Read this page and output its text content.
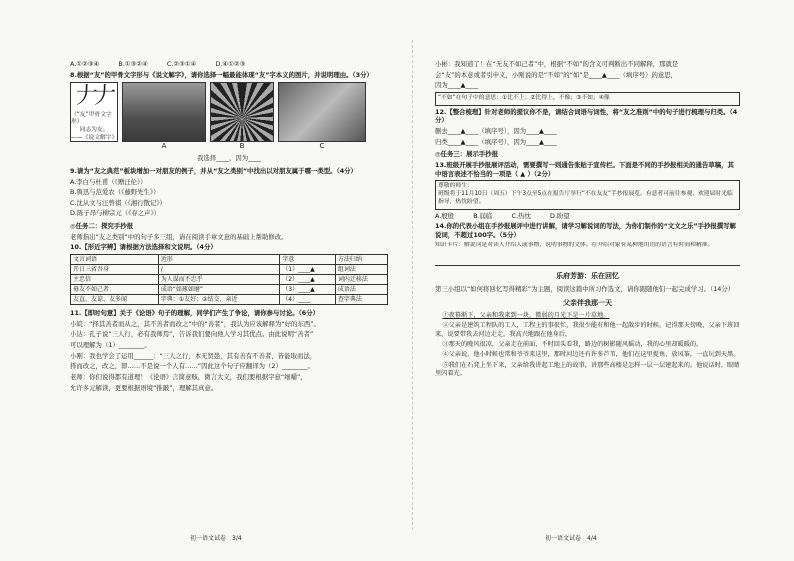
A.①②③④　　　B.①③②④　　　C.②③①④　　　D.④①②③
8.根据“友”的甲骨文字形与《说文解字》，请你选择一幅最能体现“友”字本义的图片，并说明理由。（3分）
𠂇𠂇
（“友”甲骨文字形）
同志为友。
——《说文解字》
A	B	C
我选择____，因为____
9.请为“友之典范”板块增加一对朋友的例子，并从“友之类别”中找出以对朋友属于哪一类型。（4分）
A.李白与杜甫（《赠汪伦》）
B.鲁迅与范爱农（《藤野先生》）
C.沈从文与汪曾祺（《湘行散记》）
D.陈子昂与柳宗元（《春之声》）
◎任务二：探究手抄报
老师指出“友之类别”中的句子多三组，请在阅读手章文意的基础上帮助修改。
10.【形近字辨】请根据方法选择和文说明。（4分）
文言词语	近形	字意	方法归纳
开日三省吾身	/	（1）____▲	组词法
主忠信	为人谋而不忠乎	（2）____▲	词内迁移法
毋友不如己者	成语“如琢如磨”	（3）____▲	成语法
友直、友谅、友多闻	字典：①友好；②结交、亲近	（4）____	查字典法
11.【即时句意】关于《论语》句子的理解，同学们产生了争论，请你参与讨论。（6分）
小皖：“择其善者而从之，其不善者而改之”中的“善者”，我认为应该解释为“好的东西”。
小达：孔子说“三人行，必有我师焉”，告诉我们要向他人学习其优点。由此说明“善者”
可以理解为（1）________。
小刚：我也学会了运用______：“三人之行，本无贤愚，其有善有不善者，皆能取而法，
择而改之，改之，即……不是说一个人有……”因此这个句子应翻译为（2）________。
老师：你们说得都有道理！《论语》言简意赅，微言大义，我们要根据字意“细嚼”，
允许多元解读，更要根据语境“推敲”，理解其真意。
初一语文试卷　3/4
小彬：我知道了！在“无友不如己者”中，根据“不如”的含义可判断出不同解释，那就是
会“友”的本意或者引申义，小刚说的是“不如”的“如”是____▲____（填序号）的意思，
因为____▲____
“不如”在句子中的意思：①比不上；②比得上，不像；③不如；④像
12.【整合梳理】针对老师的提议你不是，请结合词语与词性，将“友之准则”中的句子进行梳理与归类。（4分）
删去____▲____（填序号），因为____▲____
归类____▲____（填序号），因为____▲____
◎任务三：展示手抄报
13.班级开展手抄报展评活动，需要撰写一则通告张贴于宣传栏。下面是不同的手抄报相关的通告草稿，其中语言表述不恰当的一项是（ ▲ ）（2分）
尊敬的师生：
班级将于11月10日（周五）下午3点至5点在报告厅举行“不在友友”手抄报展览。有意者可前往参观，欢迎届时光临指导，热忱盼望。
A.殷殷　　　B.届临　　　C.热忱　　　D.盼望
14.你的代表小组在手抄报展评中进行讲解，请学习解说词的写法，为你们制作的“文文之乐”手抄报撰写解说词，不超过100字。（5分）
知识卡片：解说词是对读人介绍人或事物、说明事物的文体。在介绍对象有某种地用语的语言有时间和精准。
乐府芳游：乐在回忆
第三小组以“如何将回忆写得精彩”为主题，阅读这篇中所习作选文，请你跟随他们一起完成学习。（14分）
父亲伴我那一天

①夜幕渐下，父亲和我来到一块，微弱的月光下是一片草地。

②父亲是建筑工程队的工人，工程上的事很忙，我很少能有和他一起散步的时候。记得那天傍晚，父亲下班回来，说要带我去河边走走。我高兴地跟在他身后。

③那天的晚风很凉，父亲走在前面，不时回头看我，路边的树影随风摇动，我的心里却暖暖的。

④父亲说，他小时候也常和爷爷来这里，那时河边还有许多芦苇，他们在这里捉鱼、放风筝，一直玩到天黑。

⑤我们在石凳上坐下来，父亲给我讲起工地上的故事，讲那些高楼是怎样一层一层建起来的。他说话时，眼睛里闪着光。

初一语文试卷　4/4
